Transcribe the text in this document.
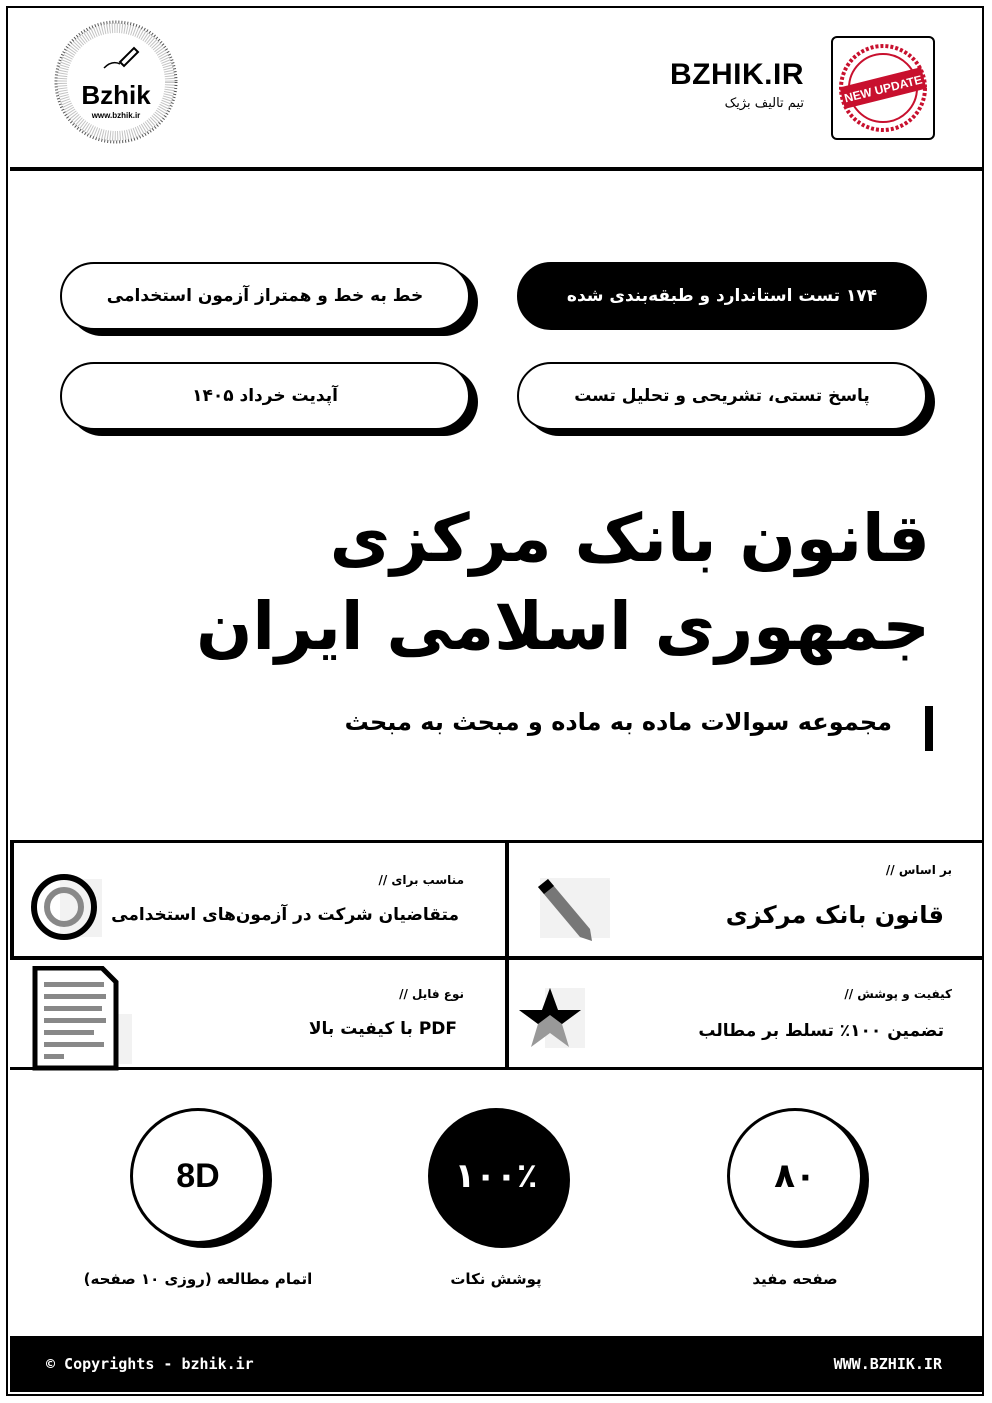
Bzhik
www.bzhik.ir
BZHIK.IR
تیم تالیف بژیک	NEW UPDATE
۱۷۴ تست استاندارد و طبقه‌بندی شده
خط به خط و همتراز آزمون استخدامی
پاسخ تستی، تشریحی و تحلیل تست
آپدیت خرداد ۱۴۰۵
قانون بانک مرکزی
جمهوری اسلامی ایران
مجموعه سوالات ماده به ماده و مبحث به مبحث
بر اساس //
قانون بانک مرکزی
مناسب برای //
متقاضیان شرکت در آزمون‌های استخدامی
کیفیت و پوشش //
تضمین ۱۰۰٪ تسلط بر مطالب
نوع فایل //
PDF با کیفیت بالا
۸۰
صفحه مفید
۱۰۰٪
پوشش نکات
8D
اتمام مطالعه (روزی ۱۰ صفحه)
© Copyrights - bzhik.ir	WWW.BZHIK.IR
